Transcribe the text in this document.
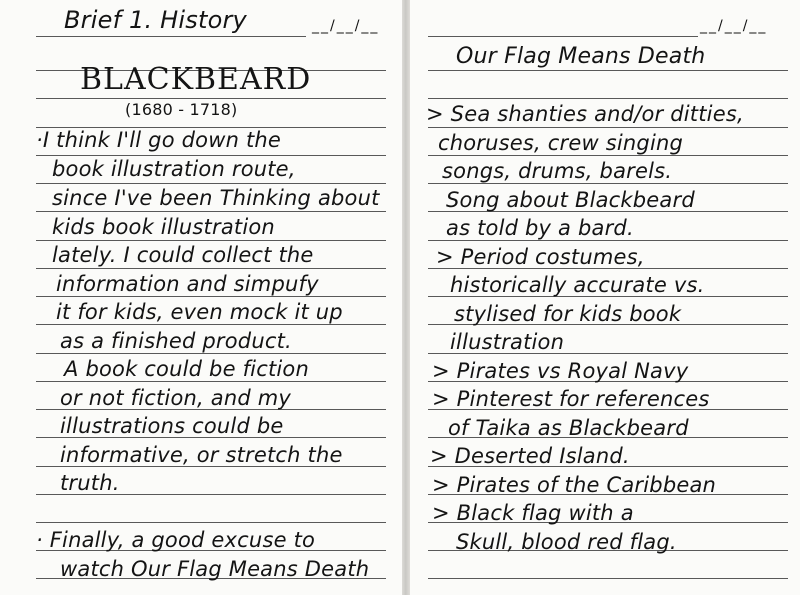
Brief 1. History	__/__/__
BLACKBEARD
(1680 - 1718)
·I think I'll go down the
book illustration route,
since I've been Thinking about
kids book illustration
lately. I could collect the
information and simpufy
it for kids, even mock it up
as a finished product.
A book could be fiction
or not fiction, and my
illustrations could be
informative, or stretch the
truth.
· Finally, a good excuse to
watch Our Flag Means Death
__/__/__
Our Flag Means Death
> Sea shanties and/or ditties,
choruses, crew singing
songs, drums, barels.
Song about Blackbeard
as told by a bard.
> Period costumes,
historically accurate vs.
stylised for kids book
illustration
> Pirates vs Royal Navy
> Pinterest for references
of Taika as Blackbeard
> Deserted Island.
> Pirates of the Caribbean
> Black flag with a
Skull, blood red flag.
